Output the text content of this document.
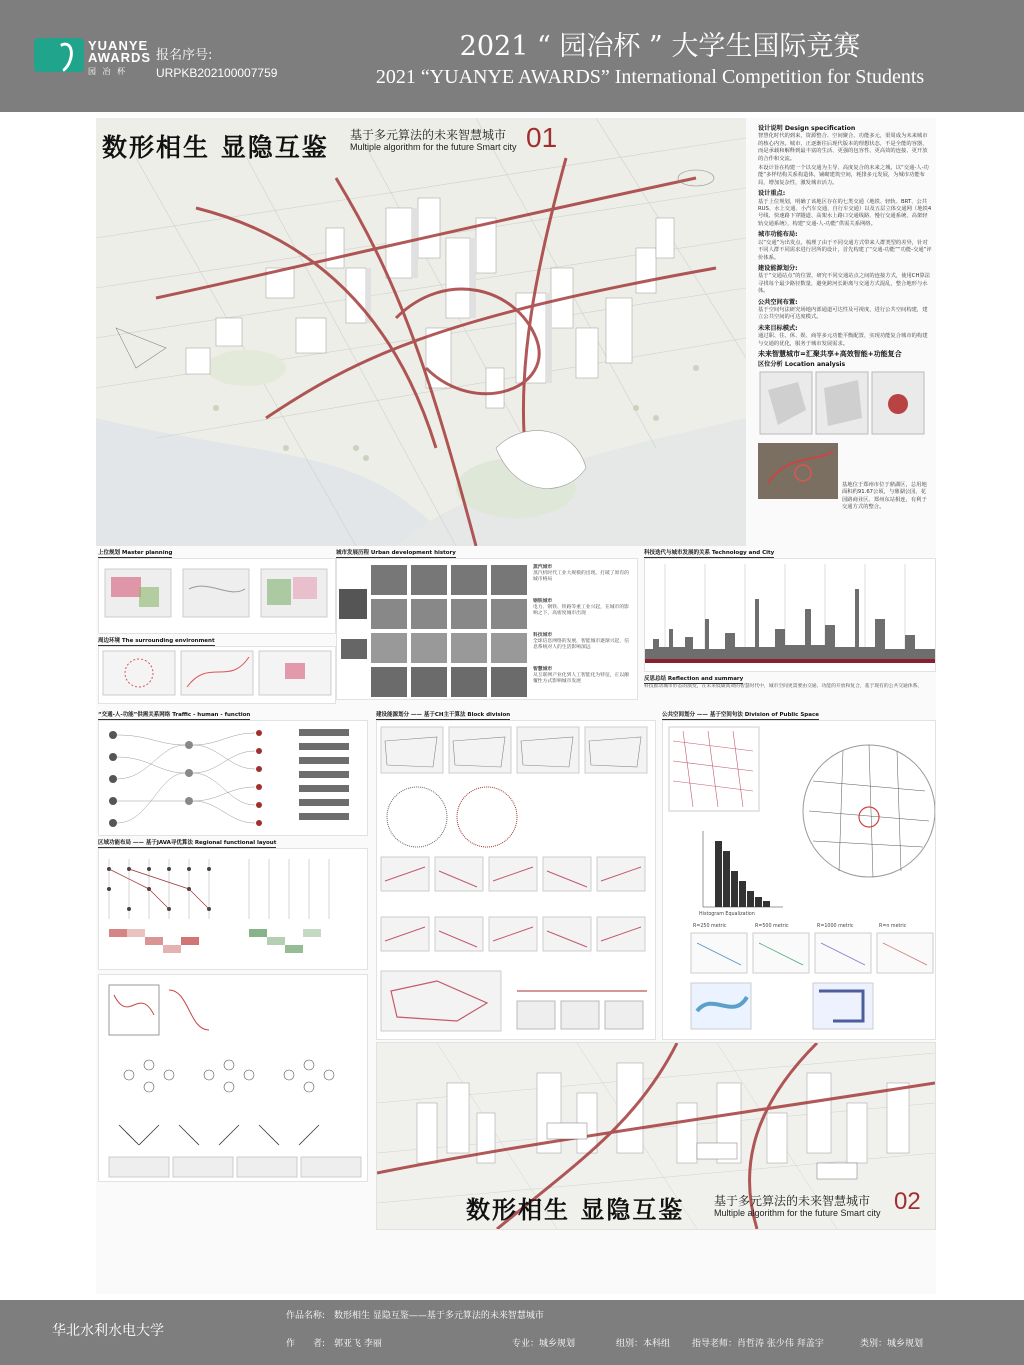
YUANYE AWARDS
园 冶 杯
报名序号:
URPKB202100007759
2021 “ 园冶杯 ” 大学生国际竞赛
2021 “YUANYE AWARDS” International Competition for Students
数形相生 显隐互鉴 基于多元算法的未来智慧城市
Multiple algorithm for the future Smart city 01	设计说明 Design specification

智慧化时代的到来，资源整合、空间聚合、功能多元，渠周成为未来城市的核心内容。城市，正逐渐往后现代版本的理想状态，不是全能的容器，而是承载和解释到最丰富的生活、更强的包容性、更高效的连接、更开放的合作和交流。

本设计旨在构建一个以交通为主导、高度复合的未来之城，以“交通-人-功能”多样结构关系构造体，铺砌建筑空间，耗排多元发展，为城市功能布局，增加复杂性，激发城市活力。

设计重点:

基于上位规划，明确了该地区存在的七类交通（地铁、轻轨、BRT、公共RUS、水上交通、小汽车交通、自行车交通）以及五层立体交通网（地铁4号线、快速路下穿隧道、高架水上路口交通线路、慢行交通系统、高架轻轨交通系统），构建“交通-人-功能”供需关系网络。

城市功能布局:

以“交通”为出发点，梳理了由于不同交通方式带来人群类型的差异，针对不同人群不同需求进行居所的设计，首先构建了“交通-功能”“功能-交通”评价体系。

建设能源划分:

基于“交通站点”的位置，研究不同交通站点之间的连接方式，使用CH算法寻找每个最少路径数量，避免跨河长距离与交通方式混乱，整合地形与水体。

公共空间布置:

基于空间句法研究场地内部通道可达性及可视度，进行公共空间构建，建立公共空间的可达度模式。

未来目标模式:

通过职、住、休、娱、商等多元功能平衡配置，实现功能复合城市的构建与交通的优化，服务于城市发展需求。

未来智慧城市=汇聚共享+高效智能+功能复合
区位分析 Location analysis

基地位于郑州市位于鼎湖区，总用地面积约91.67公顷，与鼎湖公园、花园路商业区、郑州东站相连，有利于交通方式的整合。

上位规划 Master planning
周边环境 The surrounding environment
城市发展历程 Urban development history
蒸汽城市
蒸汽机时代工业大规模的出现，打破了原有的城市格局
钢铁城市
电力、钢铁、铁路等重工业兴起，在城市的影响之下，高密度城市出现
科技城市
全球信息网络的发展，智能城市逐渐兴起，信息系统对人的生活影响深远
智慧城市
从互联网产业化到人工智能化为特征，正以颠覆性方式影响城市发展
科技迭代与城市发展的关系 Technology and City
反思总结 Reflection and summary
科技推动城市形态的演变，在未来低碳高效的智慧时代中，城市空间更需要由交通、功能的开放和复合，基于现有的公共交通体系。
“交通-人-功能”供需关系网络 Traffic - human - function
区域功能布局 —— 基于JAVA寻优算法 Regional functional layout
建设能源划分 —— 基于CH主干算法 Block division	公共空间划分 —— 基于空间句法 Division of Public Space
Histogram Equalization
R=250 metric	R=500 metric	R=1000 metric	R=n metric
数形相生 显隐互鉴 基于多元算法的未来智慧城市
Multiple algorithm for the future Smart city 02
华北水利水电大学
作品名称: 数形相生 显隐互鉴——基于多元算法的未来智慧城市
作　　者: 郭亚飞 李丽	专业：城乡规划	组别：本科组 指导老师：肖哲涛 张少伟 拜盖宇	类别：城乡规划
